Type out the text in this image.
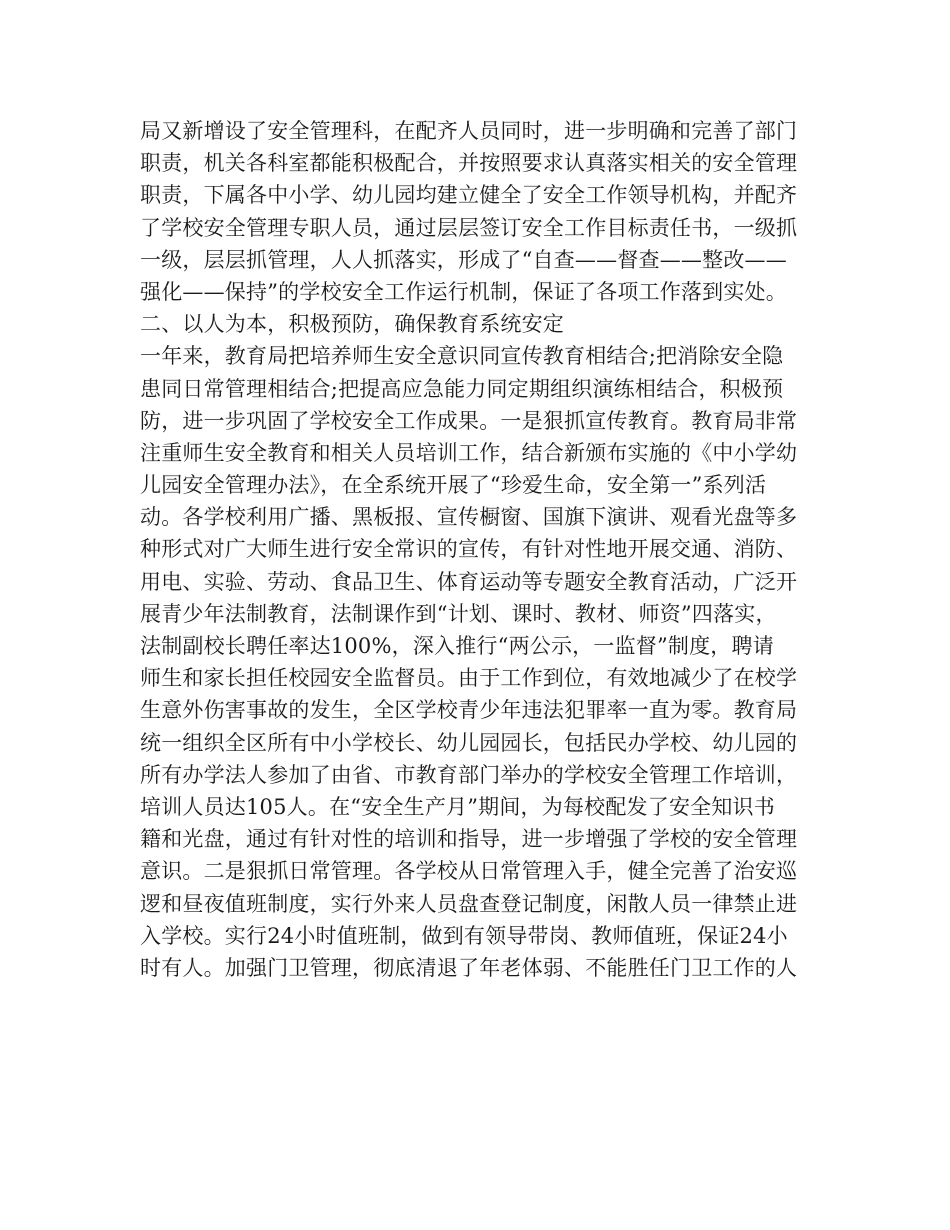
局又新增设了安全管理科，在配齐人员同时，进一步明确和完善了部门
职责，机关各科室都能积极配合，并按照要求认真落实相关的安全管理
职责，下属各中小学、幼儿园均建立健全了安全工作领导机构，并配齐
了学校安全管理专职人员，通过层层签订安全工作目标责任书，一级抓
一级，层层抓管理，人人抓落实，形成了“自查——督查——整改——
强化——保持”的学校安全工作运行机制，保证了各项工作落到实处。
二、以人为本，积极预防，确保教育系统安定
一年来，教育局把培养师生安全意识同宣传教育相结合;把消除安全隐
患同日常管理相结合;把提高应急能力同定期组织演练相结合，积极预
防，进一步巩固了学校安全工作成果。一是狠抓宣传教育。教育局非常
注重师生安全教育和相关人员培训工作，结合新颁布实施的《中小学幼
儿园安全管理办法》，在全系统开展了“珍爱生命，安全第一”系列活
动。各学校利用广播、黑板报、宣传橱窗、国旗下演讲、观看光盘等多
种形式对广大师生进行安全常识的宣传，有针对性地开展交通、消防、
用电、实验、劳动、食品卫生、体育运动等专题安全教育活动，广泛开
展青少年法制教育，法制课作到“计划、课时、教材、师资”四落实，
法制副校长聘任率达100%，深入推行“两公示，一监督”制度，聘请
师生和家长担任校园安全监督员。由于工作到位，有效地减少了在校学
生意外伤害事故的发生，全区学校青少年违法犯罪率一直为零。教育局
统一组织全区所有中小学校长、幼儿园园长，包括民办学校、幼儿园的
所有办学法人参加了由省、市教育部门举办的学校安全管理工作培训，
培训人员达105人。在“安全生产月”期间，为每校配发了安全知识书
籍和光盘，通过有针对性的培训和指导，进一步增强了学校的安全管理
意识。二是狠抓日常管理。各学校从日常管理入手，健全完善了治安巡
逻和昼夜值班制度，实行外来人员盘查登记制度，闲散人员一律禁止进
入学校。实行24小时值班制，做到有领导带岗、教师值班，保证24小
时有人。加强门卫管理，彻底清退了年老体弱、不能胜任门卫工作的人
